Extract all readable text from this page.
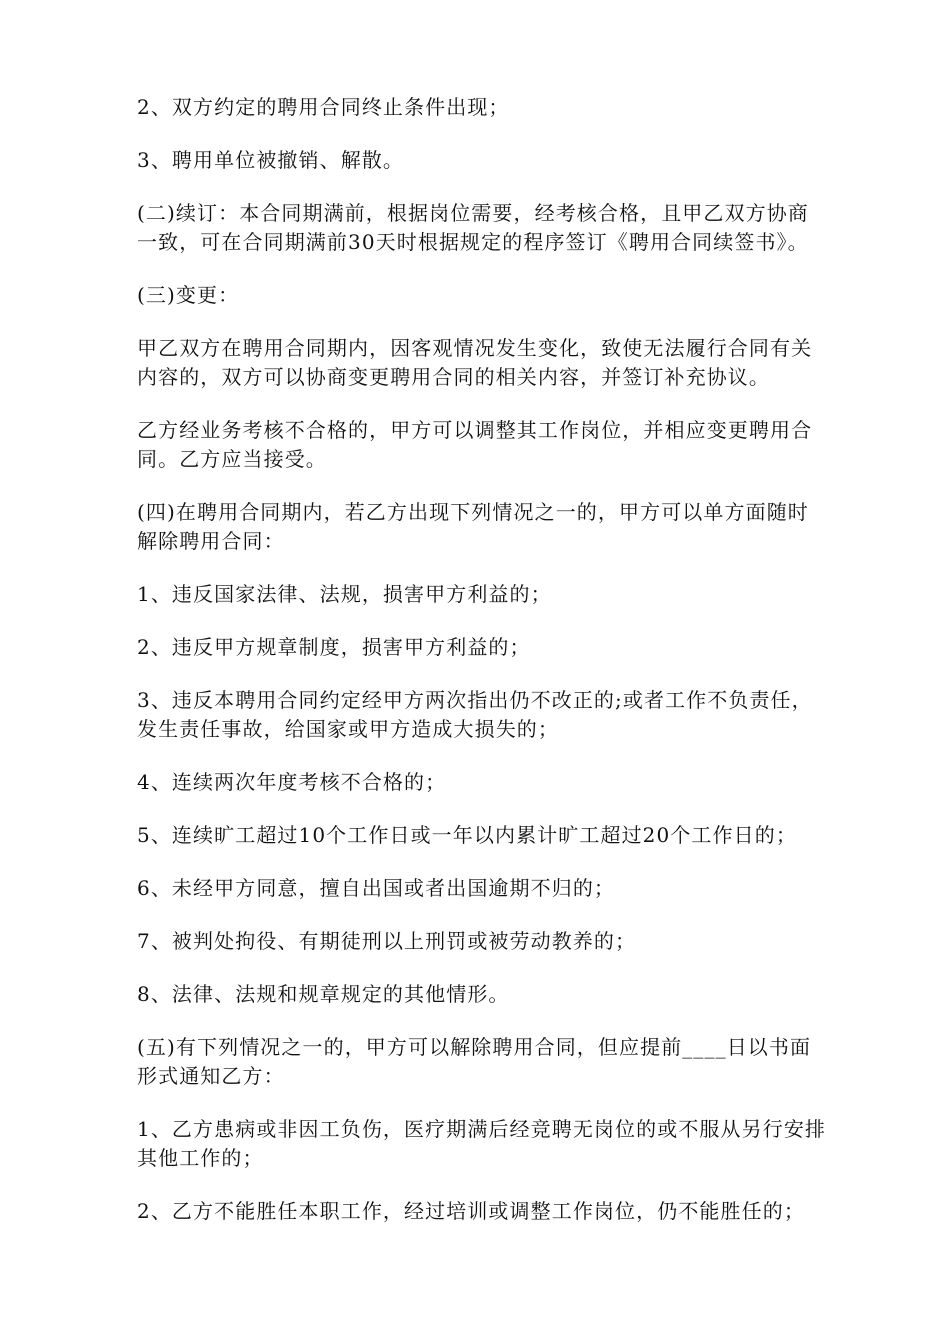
2、双方约定的聘用合同终止条件出现；

3、聘用单位被撤销、解散。

(二)续订：本合同期满前，根据岗位需要，经考核合格，且甲乙双方协商一致，可在合同期满前30天时根据规定的程序签订《聘用合同续签书》。

(三)变更：

甲乙双方在聘用合同期内，因客观情况发生变化，致使无法履行合同有关内容的，双方可以协商变更聘用合同的相关内容，并签订补充协议。

乙方经业务考核不合格的，甲方可以调整其工作岗位，并相应变更聘用合同。乙方应当接受。

(四)在聘用合同期内，若乙方出现下列情况之一的，甲方可以单方面随时解除聘用合同：

1、违反国家法律、法规，损害甲方利益的；

2、违反甲方规章制度，损害甲方利益的；

3、违反本聘用合同约定经甲方两次指出仍不改正的;或者工作不负责任，发生责任事故，给国家或甲方造成大损失的；

4、连续两次年度考核不合格的；

5、连续旷工超过10个工作日或一年以内累计旷工超过20个工作日的；

6、未经甲方同意，擅自出国或者出国逾期不归的；

7、被判处拘役、有期徒刑以上刑罚或被劳动教养的；

8、法律、法规和规章规定的其他情形。

(五)有下列情况之一的，甲方可以解除聘用合同，但应提前____日以书面形式通知乙方：

1、乙方患病或非因工负伤，医疗期满后经竞聘无岗位的或不服从另行安排其他工作的；

2、乙方不能胜任本职工作，经过培训或调整工作岗位，仍不能胜任的；
